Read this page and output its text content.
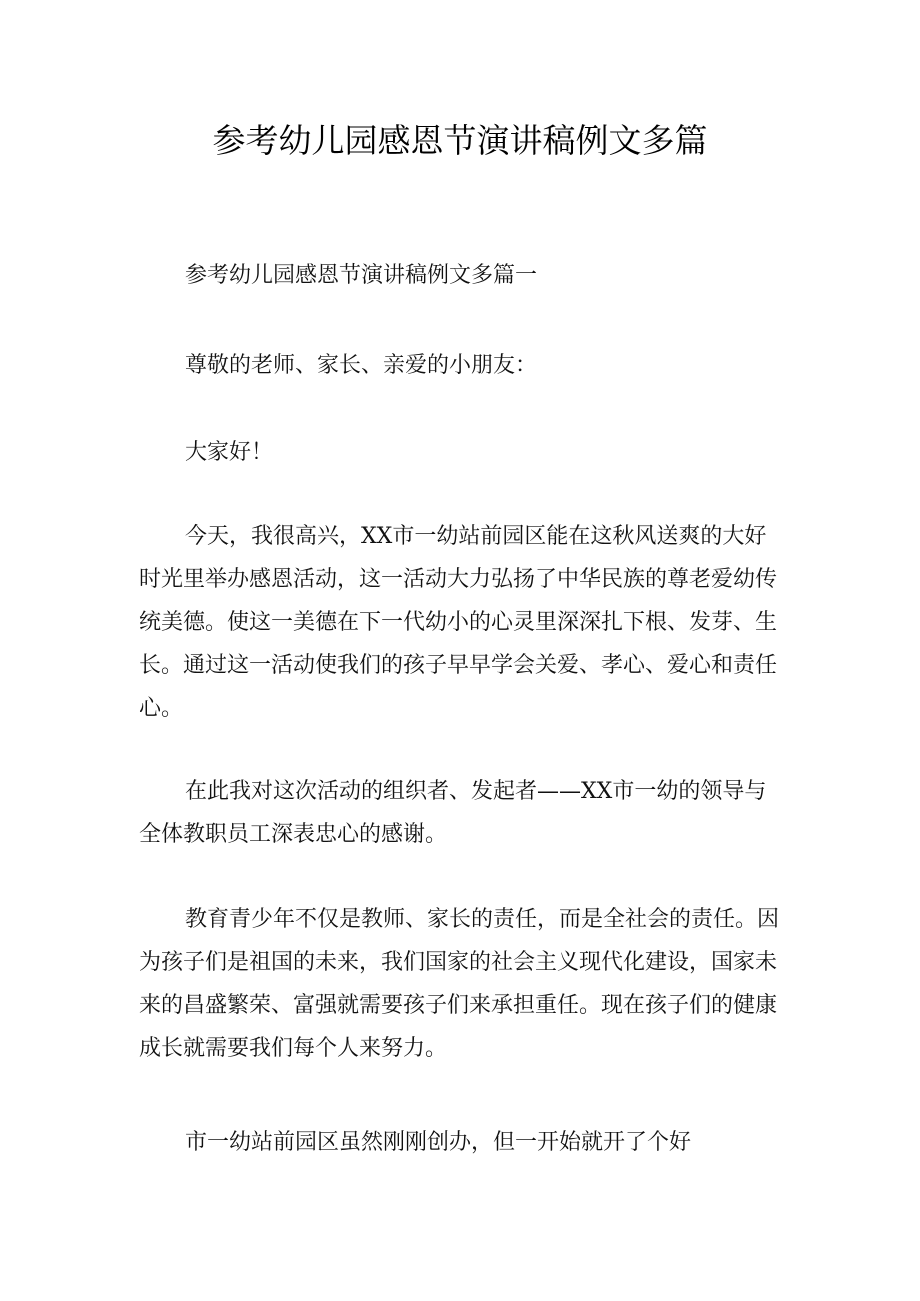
参考幼儿园感恩节演讲稿例文多篇

参考幼儿园感恩节演讲稿例文多篇一

尊敬的老师、家长、亲爱的小朋友：

大家好！

今天，我很高兴，XX市一幼站前园区能在这秋风送爽的大好时光里举办感恩活动，这一活动大力弘扬了中华民族的尊老爱幼传统美德。使这一美德在下一代幼小的心灵里深深扎下根、发芽、生长。通过这一活动使我们的孩子早早学会关爱、孝心、爱心和责任心。

在此我对这次活动的组织者、发起者——XX市一幼的领导与全体教职员工深表忠心的感谢。

教育青少年不仅是教师、家长的责任，而是全社会的责任。因为孩子们是祖国的未来，我们国家的社会主义现代化建设，国家未来的昌盛繁荣、富强就需要孩子们来承担重任。现在孩子们的健康成长就需要我们每个人来努力。

市一幼站前园区虽然刚刚创办，但一开始就开了个好
